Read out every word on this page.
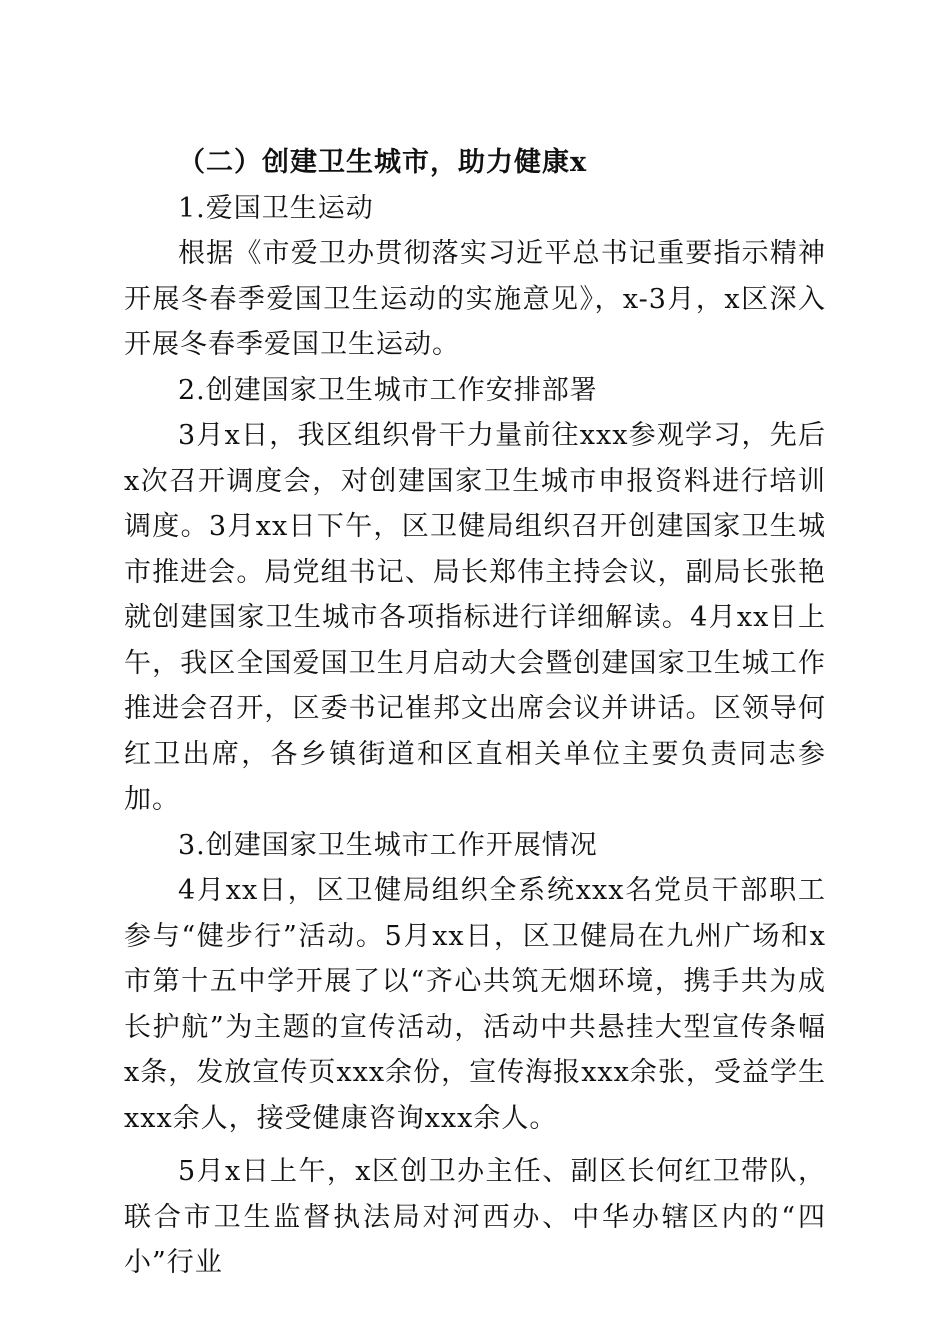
（二）创建卫生城市，助力健康x

1.爱国卫生运动

根据《市爱卫办贯彻落实习近平总书记重要指示精神开展冬春季爱国卫生运动的实施意见》，x-3月，x区深入开展冬春季爱国卫生运动。

2.创建国家卫生城市工作安排部署

3月x日，我区组织骨干力量前往xxx参观学习，先后x次召开调度会，对创建国家卫生城市申报资料进行培训调度。3月xx日下午，区卫健局组织召开创建国家卫生城市推进会。局党组书记、局长郑伟主持会议，副局长张艳就创建国家卫生城市各项指标进行详细解读。4月xx日上午，我区全国爱国卫生月启动大会暨创建国家卫生城工作推进会召开，区委书记崔邦文出席会议并讲话。区领导何红卫出席，各乡镇街道和区直相关单位主要负责同志参加。

3.创建国家卫生城市工作开展情况

4月xx日，区卫健局组织全系统xxx名党员干部职工参与“健步行”活动。5月xx日，区卫健局在九州广场和x市第十五中学开展了以“齐心共筑无烟环境，携手共为成长护航”为主题的宣传活动，活动中共悬挂大型宣传条幅x条，发放宣传页xxx余份，宣传海报xxx余张，受益学生xxx余人，接受健康咨询xxx余人。

5月x日上午，x区创卫办主任、副区长何红卫带队，联合市卫生监督执法局对河西办、中华办辖区内的“四小”行业
